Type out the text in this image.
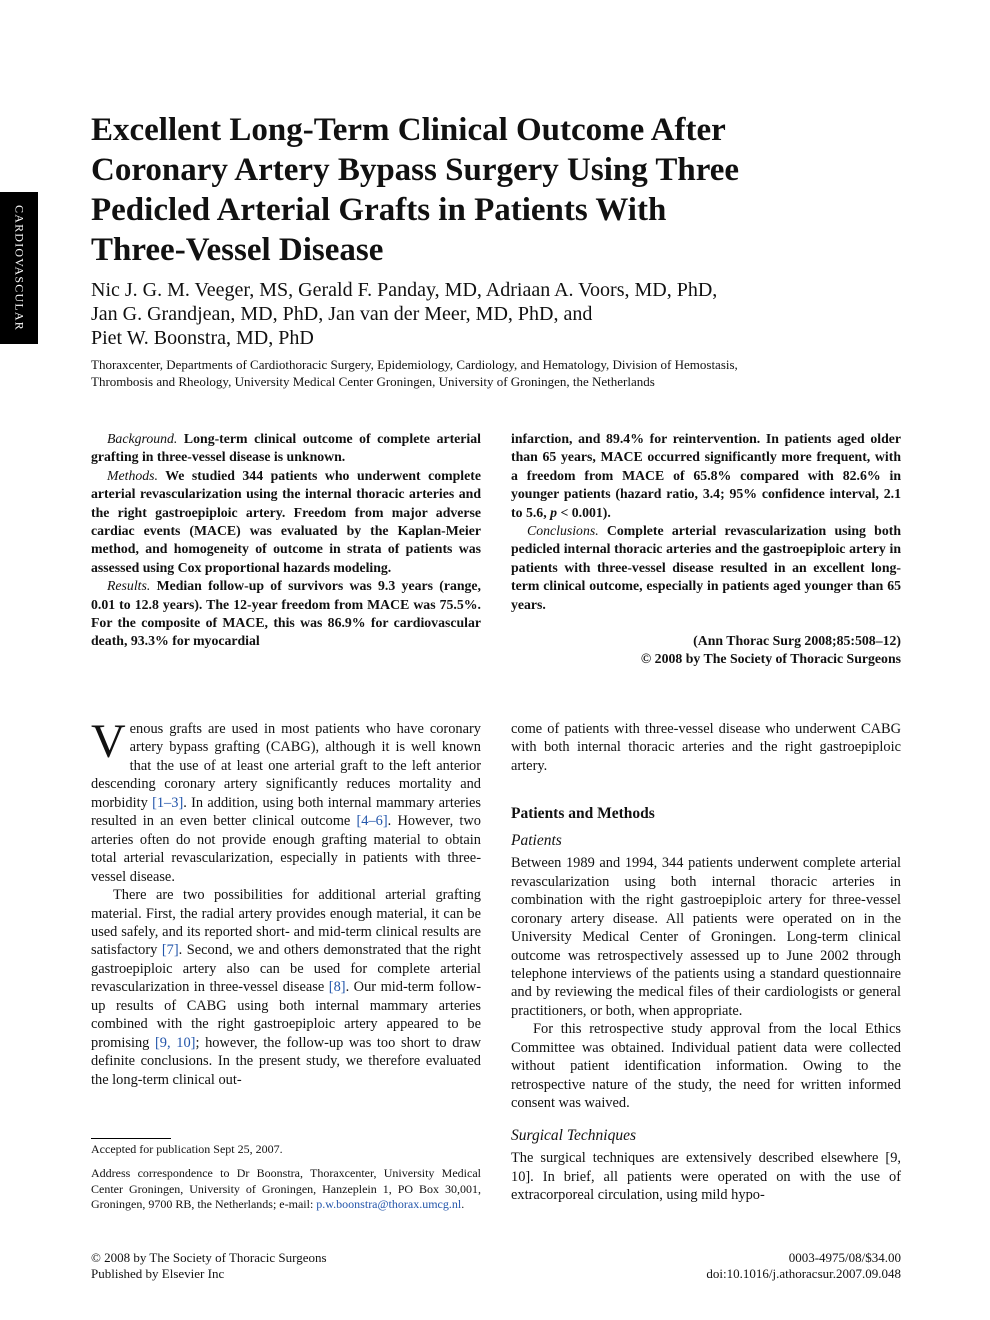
CARDIOVASCULAR
Excellent Long-Term Clinical Outcome After
Coronary Artery Bypass Surgery Using Three
Pedicled Arterial Grafts in Patients With
Three-Vessel Disease
Nic J. G. M. Veeger, MS, Gerald F. Panday, MD, Adriaan A. Voors, MD, PhD,
Jan G. Grandjean, MD, PhD, Jan van der Meer, MD, PhD, and
Piet W. Boonstra, MD, PhD
Thoraxcenter, Departments of Cardiothoracic Surgery, Epidemiology, Cardiology, and Hematology, Division of Hemostasis,
Thrombosis and Rheology, University Medical Center Groningen, University of Groningen, the Netherlands

Background. Long-term clinical outcome of complete arterial grafting in three-vessel disease is unknown.

Methods. We studied 344 patients who underwent complete arterial revascularization using the internal thoracic arteries and the right gastroepiploic artery. Freedom from major adverse cardiac events (MACE) was evaluated by the Kaplan-Meier method, and homogeneity of outcome in strata of patients was assessed using Cox proportional hazards modeling.

Results. Median follow-up of survivors was 9.3 years (range, 0.01 to 12.8 years). The 12-year freedom from MACE was 75.5%. For the composite of MACE, this was 86.9% for cardiovascular death, 93.3% for myocardial

infarction, and 89.4% for reintervention. In patients aged older than 65 years, MACE occurred significantly more frequent, with a freedom from MACE of 65.8% compared with 82.6% in younger patients (hazard ratio, 3.4; 95% confidence interval, 2.1 to 5.6, p < 0.001).

Conclusions. Complete arterial revascularization using both pedicled internal thoracic arteries and the gastroepiploic artery in patients with three-vessel disease resulted in an excellent long-term clinical outcome, especially in patients aged younger than 65 years.

(Ann Thorac Surg 2008;85:508–12)
© 2008 by The Society of Thoracic Surgeons

Venous grafts are used in most patients who have coronary artery bypass grafting (CABG), although it is well known that the use of at least one arterial graft to the left anterior descending coronary artery significantly reduces mortality and morbidity [1–3]. In addition, using both internal mammary arteries resulted in an even better clinical outcome [4–6]. However, two arteries often do not provide enough grafting material to obtain total arterial revascularization, especially in patients with three-vessel disease.

There are two possibilities for additional arterial grafting material. First, the radial artery provides enough material, it can be used safely, and its reported short- and mid-term clinical results are satisfactory [7]. Second, we and others demonstrated that the right gastroepiploic artery also can be used for complete arterial revascularization in three-vessel disease [8]. Our mid-term follow-up results of CABG using both internal mammary arteries combined with the right gastroepiploic artery appeared to be promising [9, 10]; however, the follow-up was too short to draw definite conclusions. In the present study, we therefore evaluated the long-term clinical out-

come of patients with three-vessel disease who underwent CABG with both internal thoracic arteries and the right gastroepiploic artery.

Patients and Methods
Patients

Between 1989 and 1994, 344 patients underwent complete arterial revascularization using both internal thoracic arteries in combination with the right gastroepiploic artery for three-vessel coronary artery disease. All patients were operated on in the University Medical Center of Groningen. Long-term clinical outcome was retrospectively assessed up to June 2002 through telephone interviews of the patients using a standard questionnaire and by reviewing the medical files of their cardiologists or general practitioners, or both, when appropriate.

For this retrospective study approval from the local Ethics Committee was obtained. Individual patient data were collected without patient identification information. Owing to the retrospective nature of the study, the need for written informed consent was waived.

Surgical Techniques

The surgical techniques are extensively described elsewhere [9, 10]. In brief, all patients were operated on with the use of extracorporeal circulation, using mild hypo-

Accepted for publication Sept 25, 2007.
Address correspondence to Dr Boonstra, Thoraxcenter, University Medical Center Groningen, University of Groningen, Hanzeplein 1, PO Box 30,001, Groningen, 9700 RB, the Netherlands; e-mail: p.w.boonstra@thorax.umcg.nl.
© 2008 by The Society of Thoracic Surgeons
Published by Elsevier Inc
0003-4975/08/$34.00
doi:10.1016/j.athoracsur.2007.09.048
